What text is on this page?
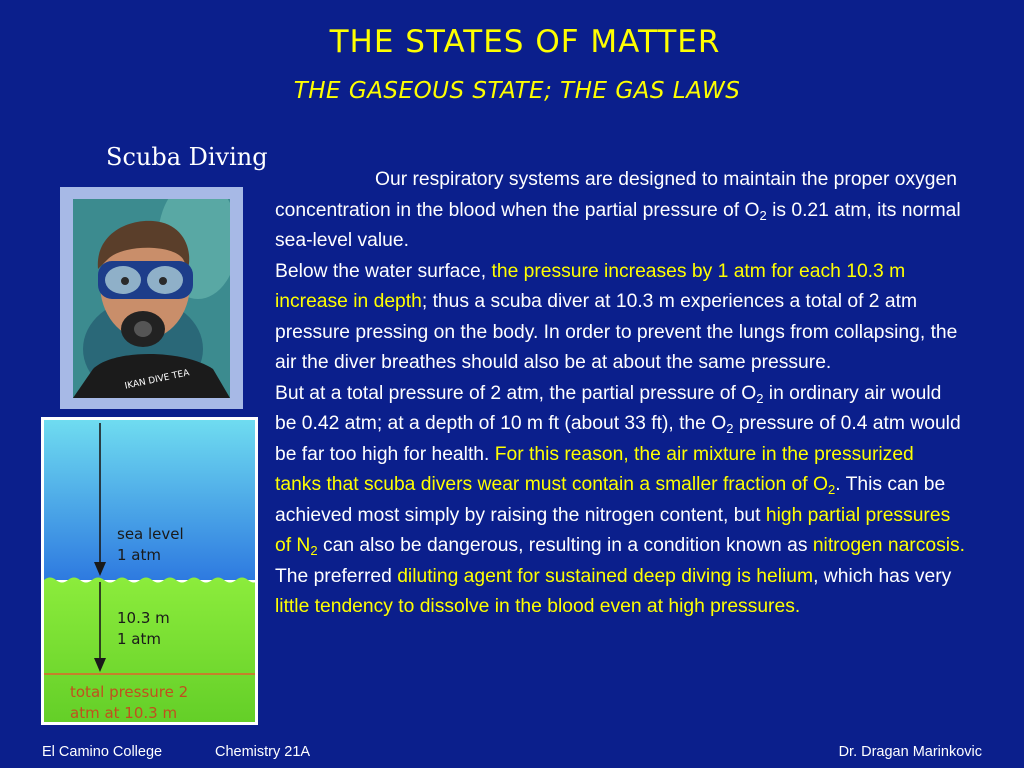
THE STATES OF MATTER
THE GASEOUS STATE; THE GAS LAWS
Scuba Diving
IKAN DIVE TEA
sea level
1 atm
10.3 m
1 atm
total pressure 2
atm at 10.3 m
Our respiratory systems are designed to maintain the proper oxygen concentration in the blood when the partial pressure of $O_2$ is 0.21 atm, its normal sea-level value.
Below the water surface, the pressure increases by 1 atm for each 10.3 m increase in depth; thus a scuba diver at 10.3 m experiences a total of 2 atm pressure pressing on the body. In order to prevent the lungs from collapsing, the air the diver breathes should also be at about the same pressure.
But at a total pressure of 2 atm, the partial pressure of $O_2$ in ordinary air would be 0.42 atm; at a depth of 10 m ft (about 33 ft), the $O_2$ pressure of 0.4 atm would be far too high for health. For this reason, the air mixture in the pressurized tanks that scuba divers wear must contain a smaller fraction of $O_2$. This can be achieved most simply by raising the nitrogen content, but high partial pressures of $N_2$ can also be dangerous, resulting in a condition known as nitrogen narcosis. The preferred diluting agent for sustained deep diving is helium, which has very little tendency to dissolve in the blood even at high pressures.
El Camino College	Chemistry 21A	Dr. Dragan Marinkovic
